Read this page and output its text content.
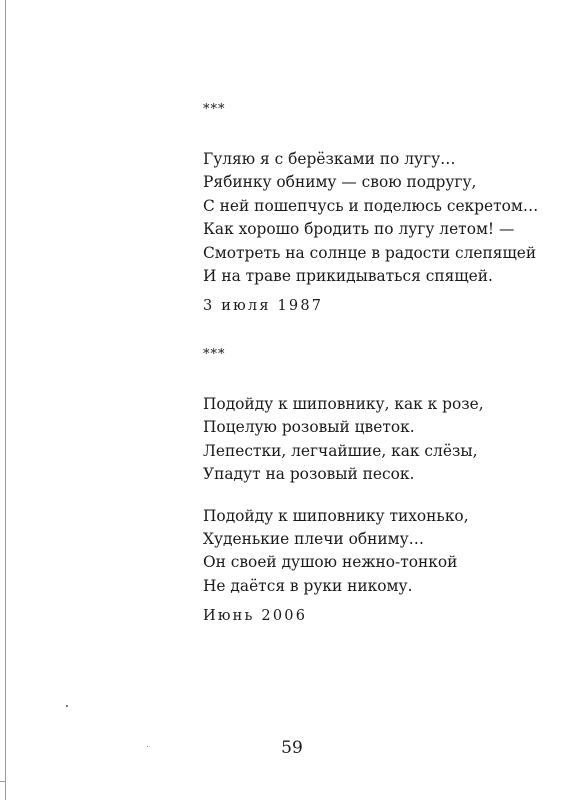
***
Гуляю я с берёзками по лугу…
Рябинку обниму — свою подругу,
С ней пошепчусь и поделюсь секретом…
Как хорошо бродить по лугу летом! —
Смотреть на солнце в радости слепящей
И на траве прикидываться спящей.
3 июля 1987
***
Подойду к шиповнику, как к розе,
Поцелую розовый цветок.
Лепестки, легчайшие, как слёзы,
Упадут на розовый песок.
Подойду к шиповнику тихонько,
Худенькие плечи обниму…
Он своей душою нежно-тонкой
Не даётся в руки никому.
Июнь 2006
59
